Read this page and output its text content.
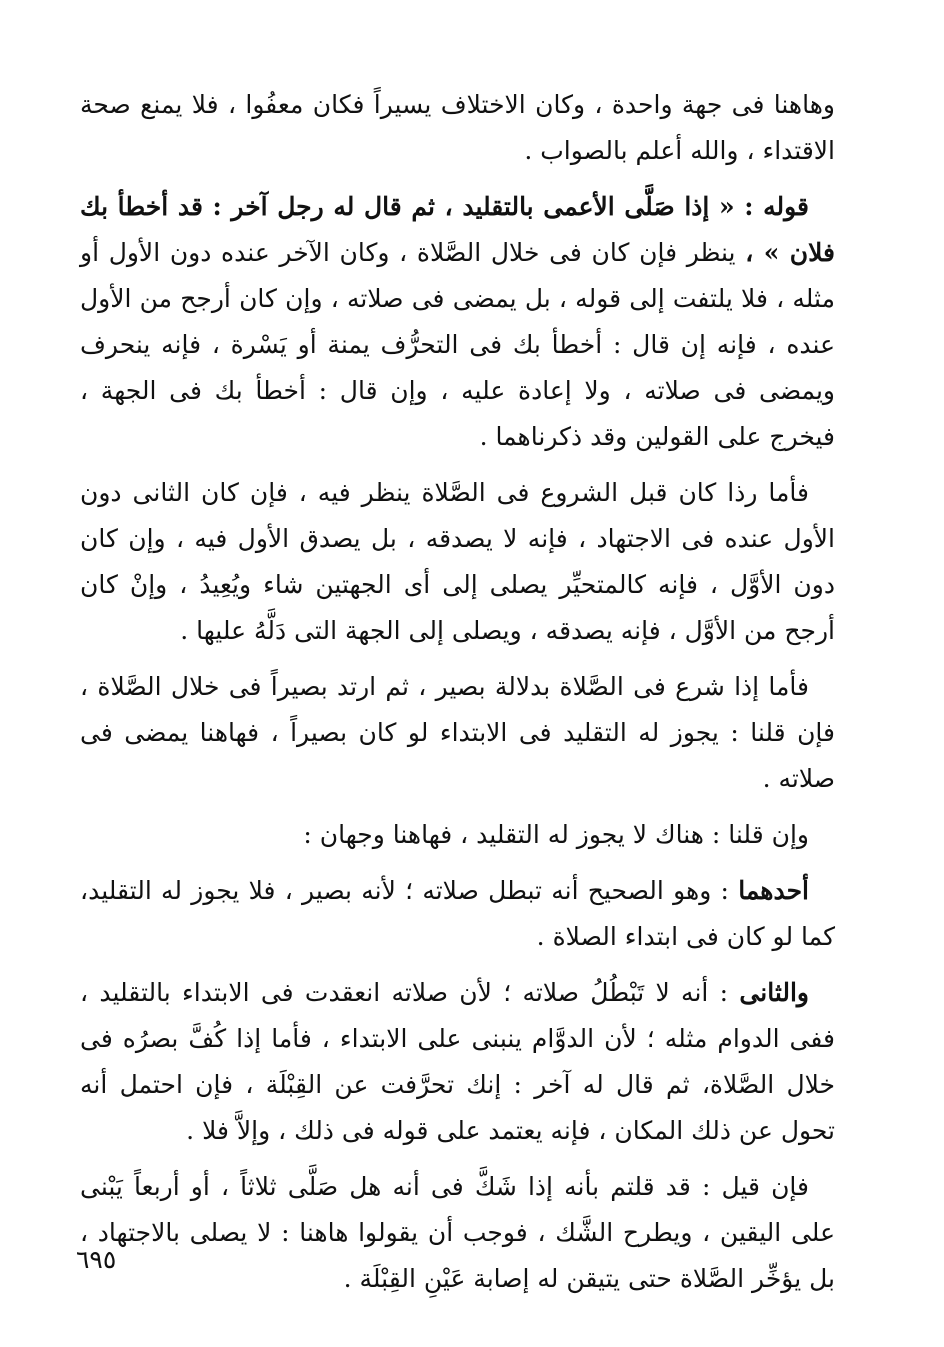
وهاهنا فى جهة واحدة ، وكان الاختلاف يسيراً فكان معفُوا ، فلا يمنع صحة الاقتداء ، والله أعلم بالصواب .

قوله : « إذا صَلَّى الأعمى بالتقليد ، ثم قال له رجل آخر : قد أخطأ بك فلان » ، ينظر فإن كان فى خلال الصَّلاة ، وكان الآخر عنده دون الأول أو مثله ، فلا يلتفت إلى قوله ، بل يمضى فى صلاته ، وإن كان أرجح من الأول عنده ، فإنه إن قال : أخطأ بك فى التحرُّف يمنة أو يَسْرة ، فإنه ينحرف ويمضى فى صلاته ، ولا إعادة عليه ، وإن قال : أخطأ بك فى الجهة ، فيخرج على القولين وقد ذكرناهما .

فأما رذا كان قبل الشروع فى الصَّلاة ينظر فيه ، فإن كان الثانى دون الأول عنده فى الاجتهاد ، فإنه لا يصدقه ، بل يصدق الأول فيه ، وإن كان دون الأوَّل ، فإنه كالمتحيِّر يصلى إلى أى الجهتين شاء ويُعِيدُ ، وإنْ كان أرجح من الأوَّل ، فإنه يصدقه ، ويصلى إلى الجهة التى دَلَّهُ عليها .

فأما إذا شرع فى الصَّلاة بدلالة بصير ، ثم ارتد بصيراً فى خلال الصَّلاة ، فإن قلنا : يجوز له التقليد فى الابتداء لو كان بصيراً ، فهاهنا يمضى فى صلاته .

وإن قلنا : هناك لا يجوز له التقليد ، فهاهنا وجهان :

أحدهما : وهو الصحيح أنه تبطل صلاته ؛ لأنه بصير ، فلا يجوز له التقليد، كما لو كان فى ابتداء الصلاة .

والثانى : أنه لا تَبْطُلُ صلاته ؛ لأن صلاته انعقدت فى الابتداء بالتقليد ، ففى الدوام مثله ؛ لأن الدوَّام ينبنى على الابتداء ، فأما إذا كُفَّ بصرُه فى خلال الصَّلاة، ثم قال له آخر : إنك تحرَّفت عن القِبْلَة ، فإن احتمل أنه تحول عن ذلك المكان ، فإنه يعتمد على قوله فى ذلك ، وإلاَّ فلا .

فإن قيل : قد قلتم بأنه إذا شَكَّ فى أنه هل صَلَّى ثلاثاً ، أو أربعاً يَبْنى على اليقين ، ويطرح الشَّك ، فوجب أن يقولوا هاهنا : لا يصلى بالاجتهاد ، بل يؤخِّر الصَّلاة حتى يتيقن له إصابة عَيْنِ القِبْلَة .

٦٩٥
